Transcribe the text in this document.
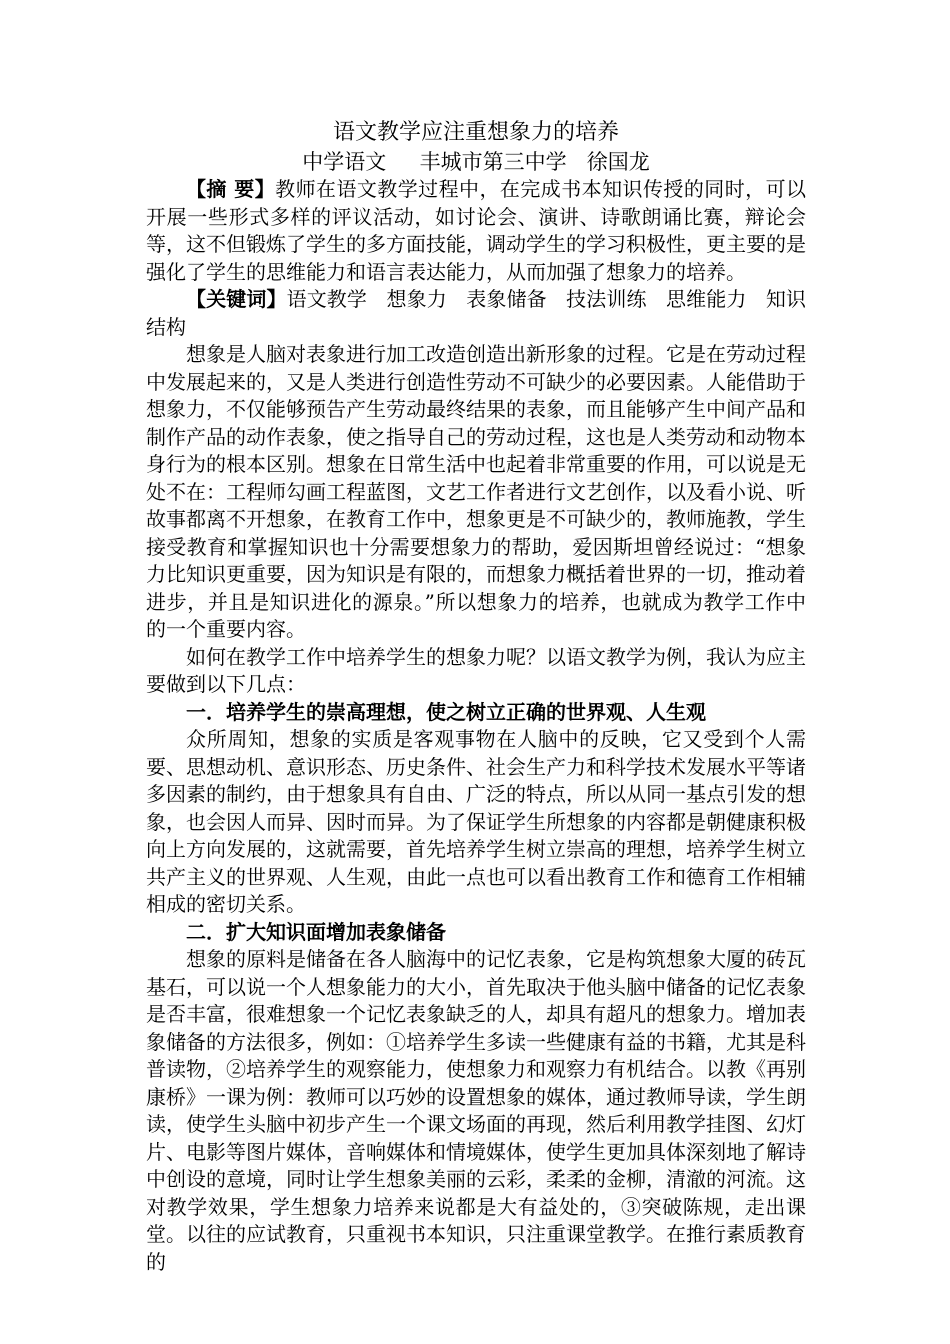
语文教学应注重想象力的培养
中学语文     丰城市第三中学   徐国龙

【摘 要】教师在语文教学过程中，在完成书本知识传授的同时，可以开展一些形式多样的评议活动，如讨论会、演讲、诗歌朗诵比赛，辩论会等，这不但锻炼了学生的多方面技能，调动学生的学习积极性，更主要的是强化了学生的思维能力和语言表达能力，从而加强了想象力的培养。

【关键词】语文教学   想象力   表象储备   技法训练   思维能力   知识结构

想象是人脑对表象进行加工改造创造出新形象的过程。它是在劳动过程中发展起来的，又是人类进行创造性劳动不可缺少的必要因素。人能借助于想象力，不仅能够预告产生劳动最终结果的表象，而且能够产生中间产品和制作产品的动作表象，使之指导自己的劳动过程，这也是人类劳动和动物本身行为的根本区别。想象在日常生活中也起着非常重要的作用，可以说是无处不在：工程师勾画工程蓝图，文艺工作者进行文艺创作，以及看小说、听故事都离不开想象，在教育工作中，想象更是不可缺少的，教师施教，学生接受教育和掌握知识也十分需要想象力的帮助，爱因斯坦曾经说过：“想象力比知识更重要，因为知识是有限的，而想象力概括着世界的一切，推动着进步，并且是知识进化的源泉。”所以想象力的培养，也就成为教学工作中的一个重要内容。

如何在教学工作中培养学生的想象力呢？以语文教学为例，我认为应主要做到以下几点：

一．培养学生的崇高理想，使之树立正确的世界观、人生观

众所周知，想象的实质是客观事物在人脑中的反映，它又受到个人需要、思想动机、意识形态、历史条件、社会生产力和科学技术发展水平等诸多因素的制约，由于想象具有自由、广泛的特点，所以从同一基点引发的想象，也会因人而异、因时而异。为了保证学生所想象的内容都是朝健康积极向上方向发展的，这就需要，首先培养学生树立崇高的理想，培养学生树立共产主义的世界观、人生观，由此一点也可以看出教育工作和德育工作相辅相成的密切关系。

二．扩大知识面增加表象储备

想象的原料是储备在各人脑海中的记忆表象，它是构筑想象大厦的砖瓦基石，可以说一个人想象能力的大小，首先取决于他头脑中储备的记忆表象是否丰富，很难想象一个记忆表象缺乏的人，却具有超凡的想象力。增加表象储备的方法很多，例如：①培养学生多读一些健康有益的书籍，尤其是科普读物，②培养学生的观察能力，使想象力和观察力有机结合。以教《再别康桥》一课为例：教师可以巧妙的设置想象的媒体，通过教师导读，学生朗读，使学生头脑中初步产生一个课文场面的再现，然后利用教学挂图、幻灯片、电影等图片媒体，音响媒体和情境媒体，使学生更加具体深刻地了解诗中创设的意境，同时让学生想象美丽的云彩，柔柔的金柳，清澈的河流。这对教学效果，学生想象力培养来说都是大有益处的，③突破陈规，走出课堂。以往的应试教育，只重视书本知识，只注重课堂教学。在推行素质教育的
